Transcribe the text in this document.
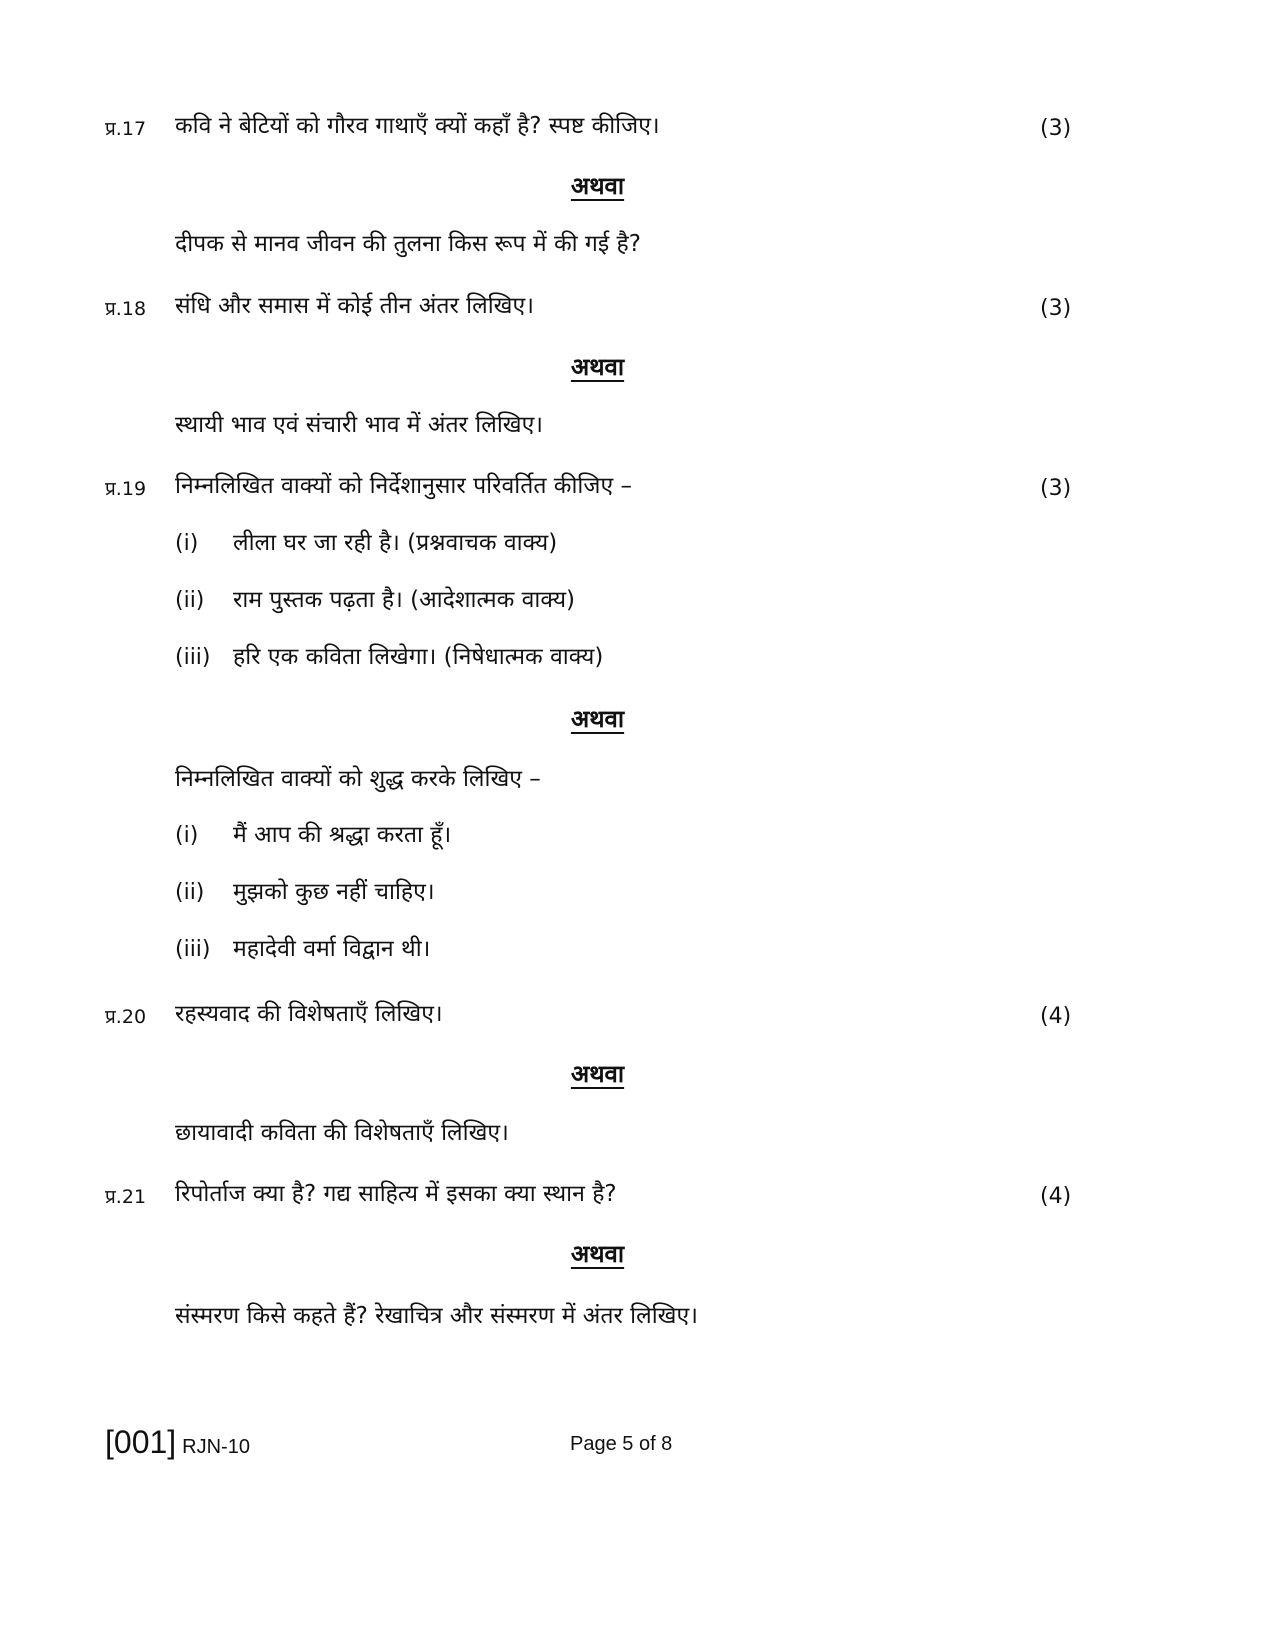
प्र.17 कवि ने बेटियों को गौरव गाथाएँ क्यों कहाँ है? स्पष्ट कीजिए।	(3)
अथवा
दीपक से मानव जीवन की तुलना किस रूप में की गई है?
प्र.18 संधि और समास में कोई तीन अंतर लिखिए।	(3)
अथवा
स्थायी भाव एवं संचारी भाव में अंतर लिखिए।
प्र.19 निम्नलिखित वाक्यों को निर्देशानुसार परिवर्तित कीजिए –	(3)
(i) लीला घर जा रही है। (प्रश्नवाचक वाक्य)
(ii) राम पुस्तक पढ़ता है। (आदेशात्मक वाक्य)
(iii) हरि एक कविता लिखेगा। (निषेधात्मक वाक्य)
अथवा
निम्नलिखित वाक्यों को शुद्ध करके लिखिए –
(i) मैं आप की श्रद्धा करता हूँ।
(ii) मुझको कुछ नहीं चाहिए।
(iii) महादेवी वर्मा विद्वान थी।
प्र.20 रहस्यवाद की विशेषताएँ लिखिए।	(4)
अथवा
छायावादी कविता की विशेषताएँ लिखिए।
प्र.21 रिपोर्ताज क्या है? गद्य साहित्य में इसका क्या स्थान है?	(4)
अथवा
संस्मरण किसे कहते हैं? रेखाचित्र और संस्मरण में अंतर लिखिए।
[001] RJN-10	Page 5 of 8
